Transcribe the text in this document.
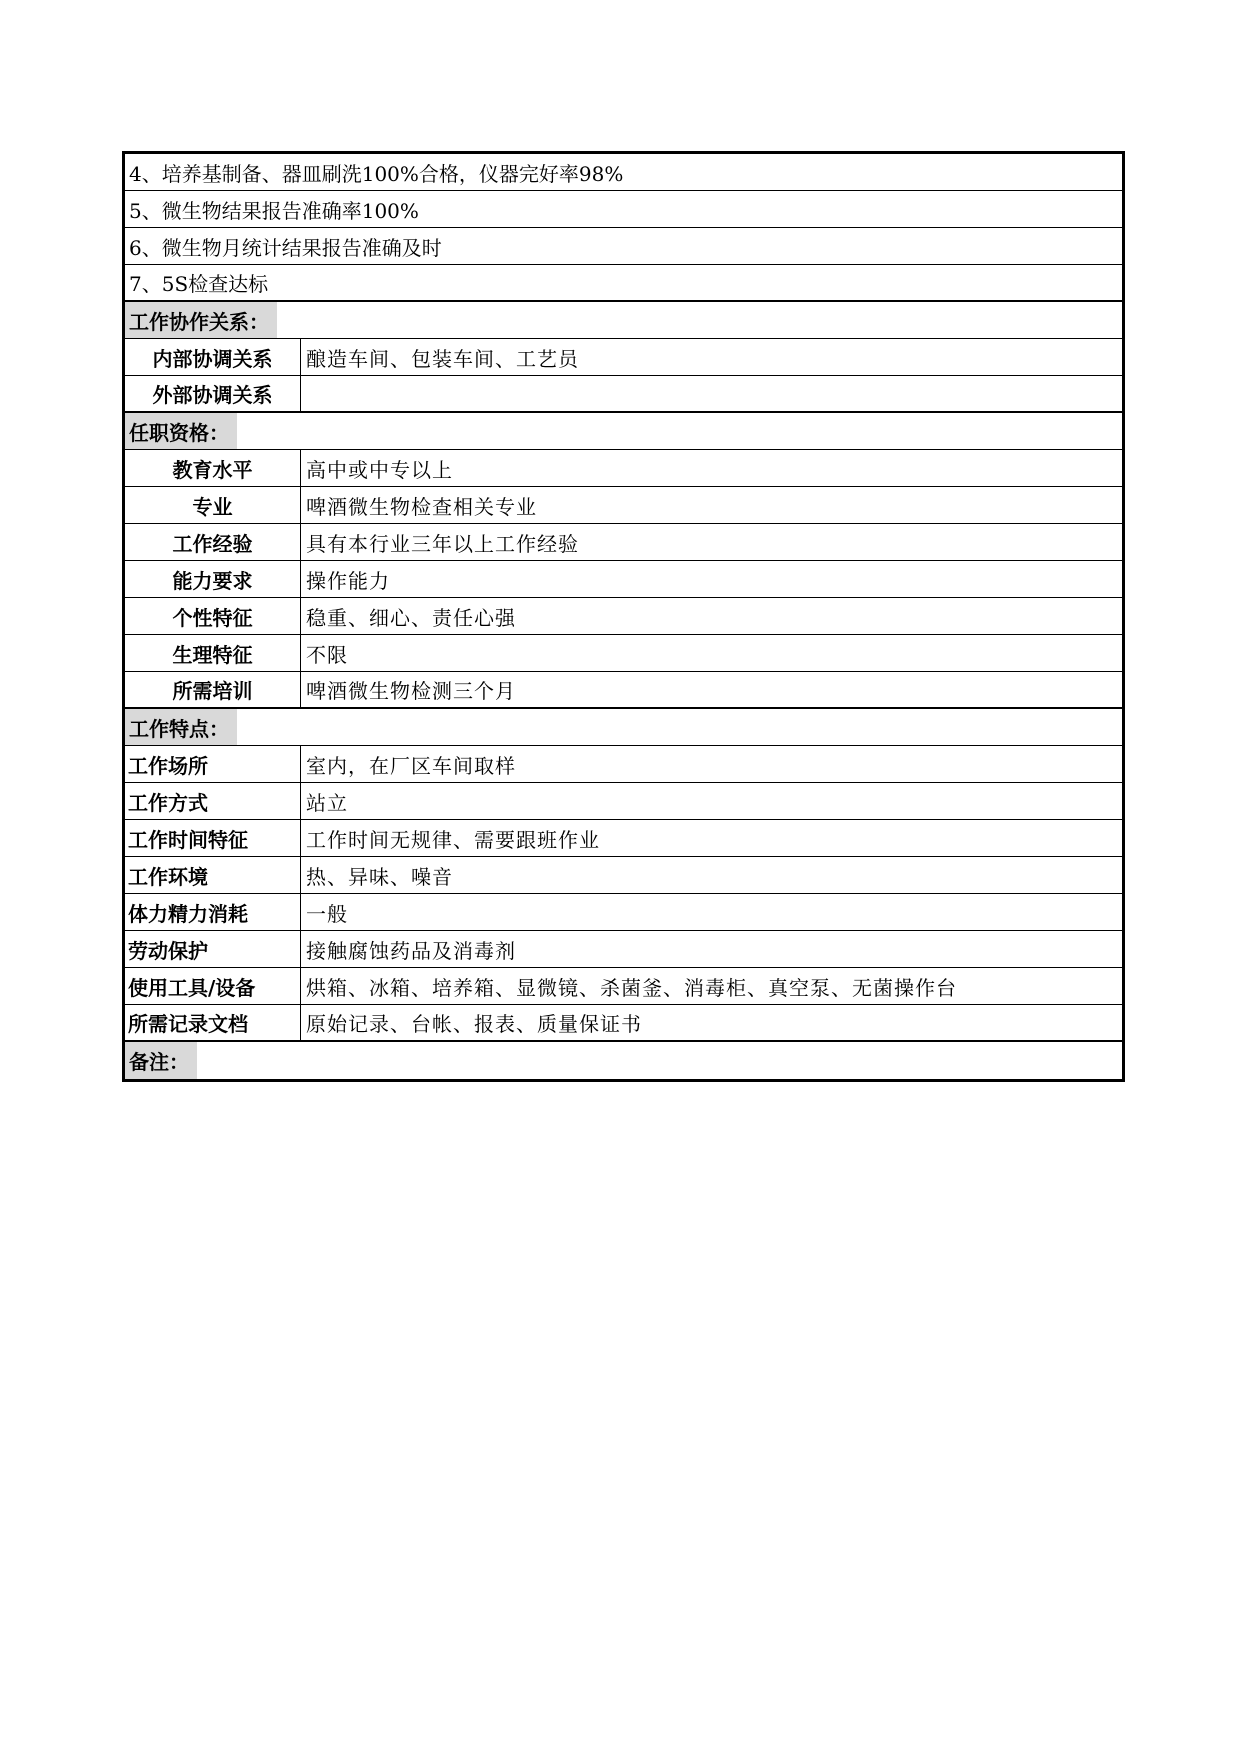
4、培养基制备、器皿刷洗100%合格，仪器完好率98%
5、微生物结果报告准确率100%
6、微生物月统计结果报告准确及时
7、5S检查达标
工作协作关系：
内部协调关系	酿造车间、包装车间、工艺员
外部协调关系
任职资格：
教育水平	高中或中专以上
专业	啤酒微生物检查相关专业
工作经验	具有本行业三年以上工作经验
能力要求	操作能力
个性特征	稳重、细心、责任心强
生理特征	不限
所需培训	啤酒微生物检测三个月
工作特点：
工作场所	室内，在厂区车间取样
工作方式	站立
工作时间特征	工作时间无规律、需要跟班作业
工作环境	热、异味、噪音
体力精力消耗	一般
劳动保护	接触腐蚀药品及消毒剂
使用工具/设备	烘箱、冰箱、培养箱、显微镜、杀菌釜、消毒柜、真空泵、无菌操作台
所需记录文档	原始记录、台帐、报表、质量保证书
备注：
